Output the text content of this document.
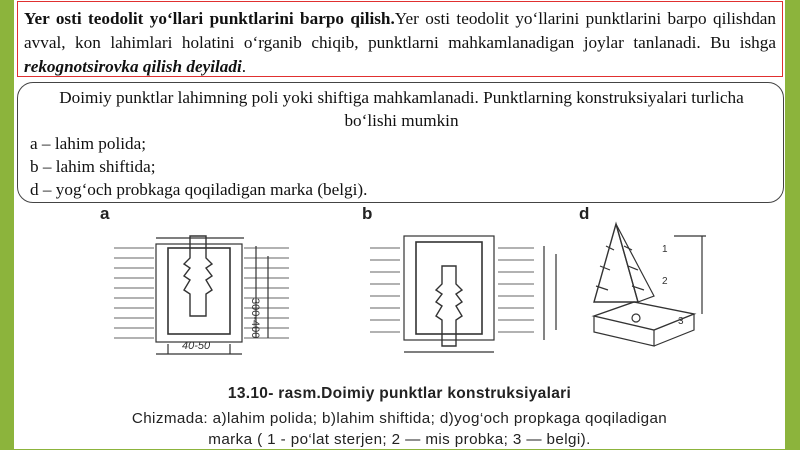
Yer osti teodolit yo‘llari punktlarini barpo qilish.Yer osti teodolit yo‘llarini punktlarini barpo qilishdan avval, kon lahimlari holatini o‘rganib chiqib, punktlarni mahkamlanadigan joylar tanlanadi. Bu ishga rekognotsirovka qilish deyiladi.
Doimiy punktlar lahimning poli yoki shiftiga mahkamlanadi. Punktlarning konstruksiyalari turlicha bo‘lishi mumkin

a – lahim polida;

b – lahim shiftida;

d – yog‘och probkaga qoqiladigan marka (belgi).

a	b	d
300-400
40-50
1
2
3
13.10- rasm.Doimiy punktlar konstruksiyalari
Chizmada: a)lahim polida; b)lahim shiftida; d)yog‘och propkaga qoqiladigan
marka ( 1 - po‘lat sterjen; 2 — mis probka; 3 — belgi).
